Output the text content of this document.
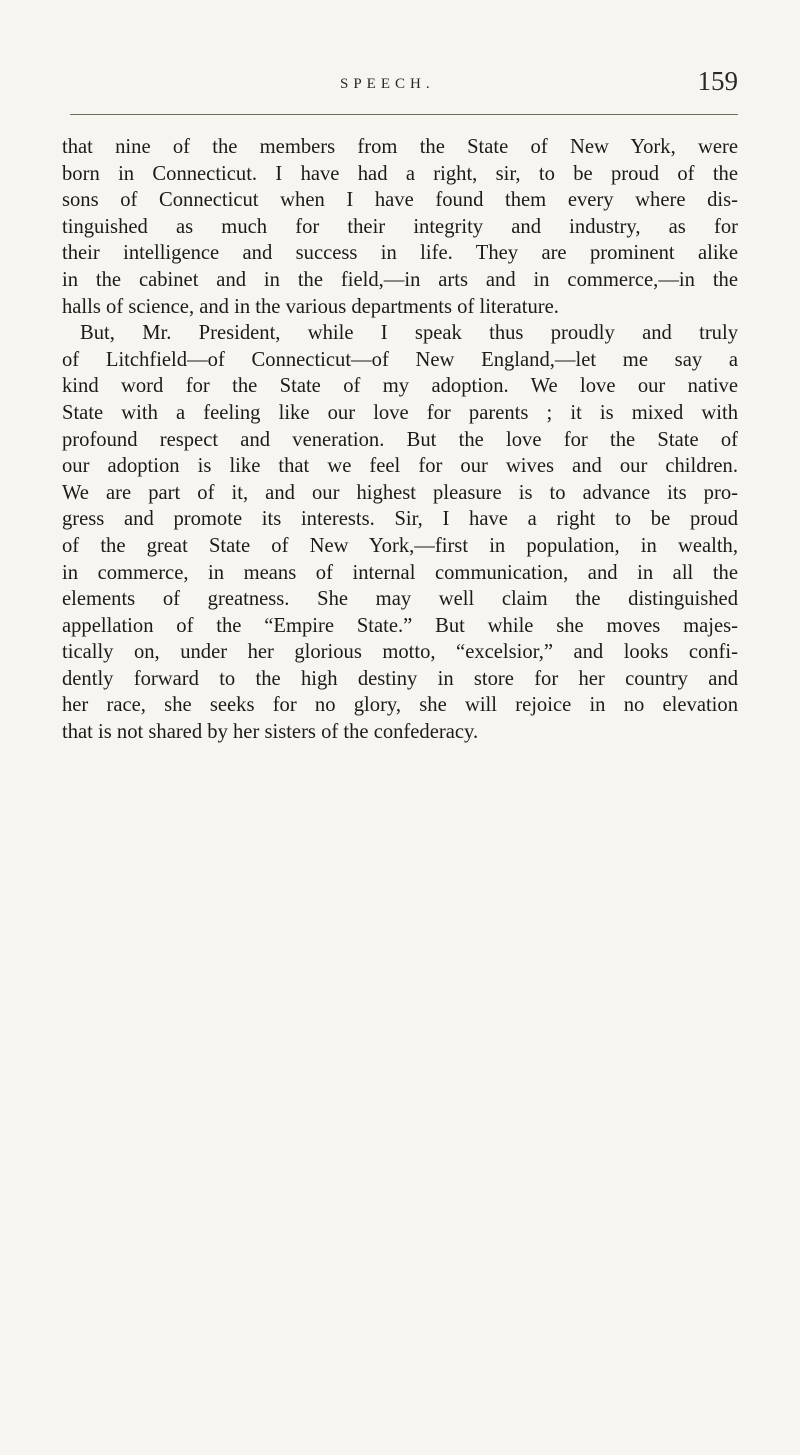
SPEECH.	159
that nine of the members from the State of New York, were
born in Connecticut. I have had a right, sir, to be proud of the
sons of Connecticut when I have found them every where dis-
tinguished as much for their integrity and industry, as for
their intelligence and success in life. They are prominent alike
in the cabinet and in the field,—in arts and in commerce,—in the
halls of science, and in the various departments of literature.
But, Mr. President, while I speak thus proudly and truly
of Litchfield—of Connecticut—of New England,—let me say a
kind word for the State of my adoption. We love our native
State with a feeling like our love for parents ; it is mixed with
profound respect and veneration. But the love for the State of
our adoption is like that we feel for our wives and our children.
We are part of it, and our highest pleasure is to advance its pro-
gress and promote its interests. Sir, I have a right to be proud
of the great State of New York,—first in population, in wealth,
in commerce, in means of internal communication, and in all the
elements of greatness. She may well claim the distinguished
appellation of the “Empire State.” But while she moves majes-
tically on, under her glorious motto, “excelsior,” and looks confi-
dently forward to the high destiny in store for her country and
her race, she seeks for no glory, she will rejoice in no elevation
that is not shared by her sisters of the confederacy.
